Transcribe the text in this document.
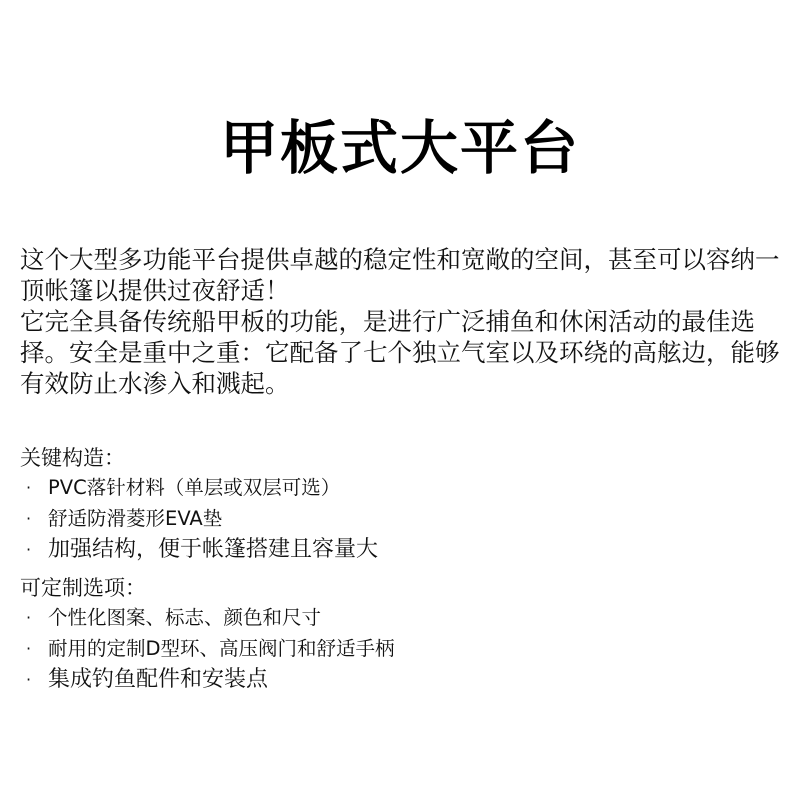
甲板式大平台

这个大型多功能平台提供卓越的稳定性和宽敞的空间，甚至可以容纳一顶帐篷以提供过夜舒适！

它完全具备传统船甲板的功能，是进行广泛捕鱼和休闲活动的最佳选择。安全是重中之重：它配备了七个独立气室以及环绕的高舷边，能够有效防止水渗入和溅起。

关键构造：
· PVC落针材料（单层或双层可选）
· 舒适防滑菱形EVA垫
· 加强结构，便于帐篷搭建且容量大
可定制选项：
· 个性化图案、标志、颜色和尺寸
· 耐用的定制D型环、高压阀门和舒适手柄
· 集成钓鱼配件和安装点
